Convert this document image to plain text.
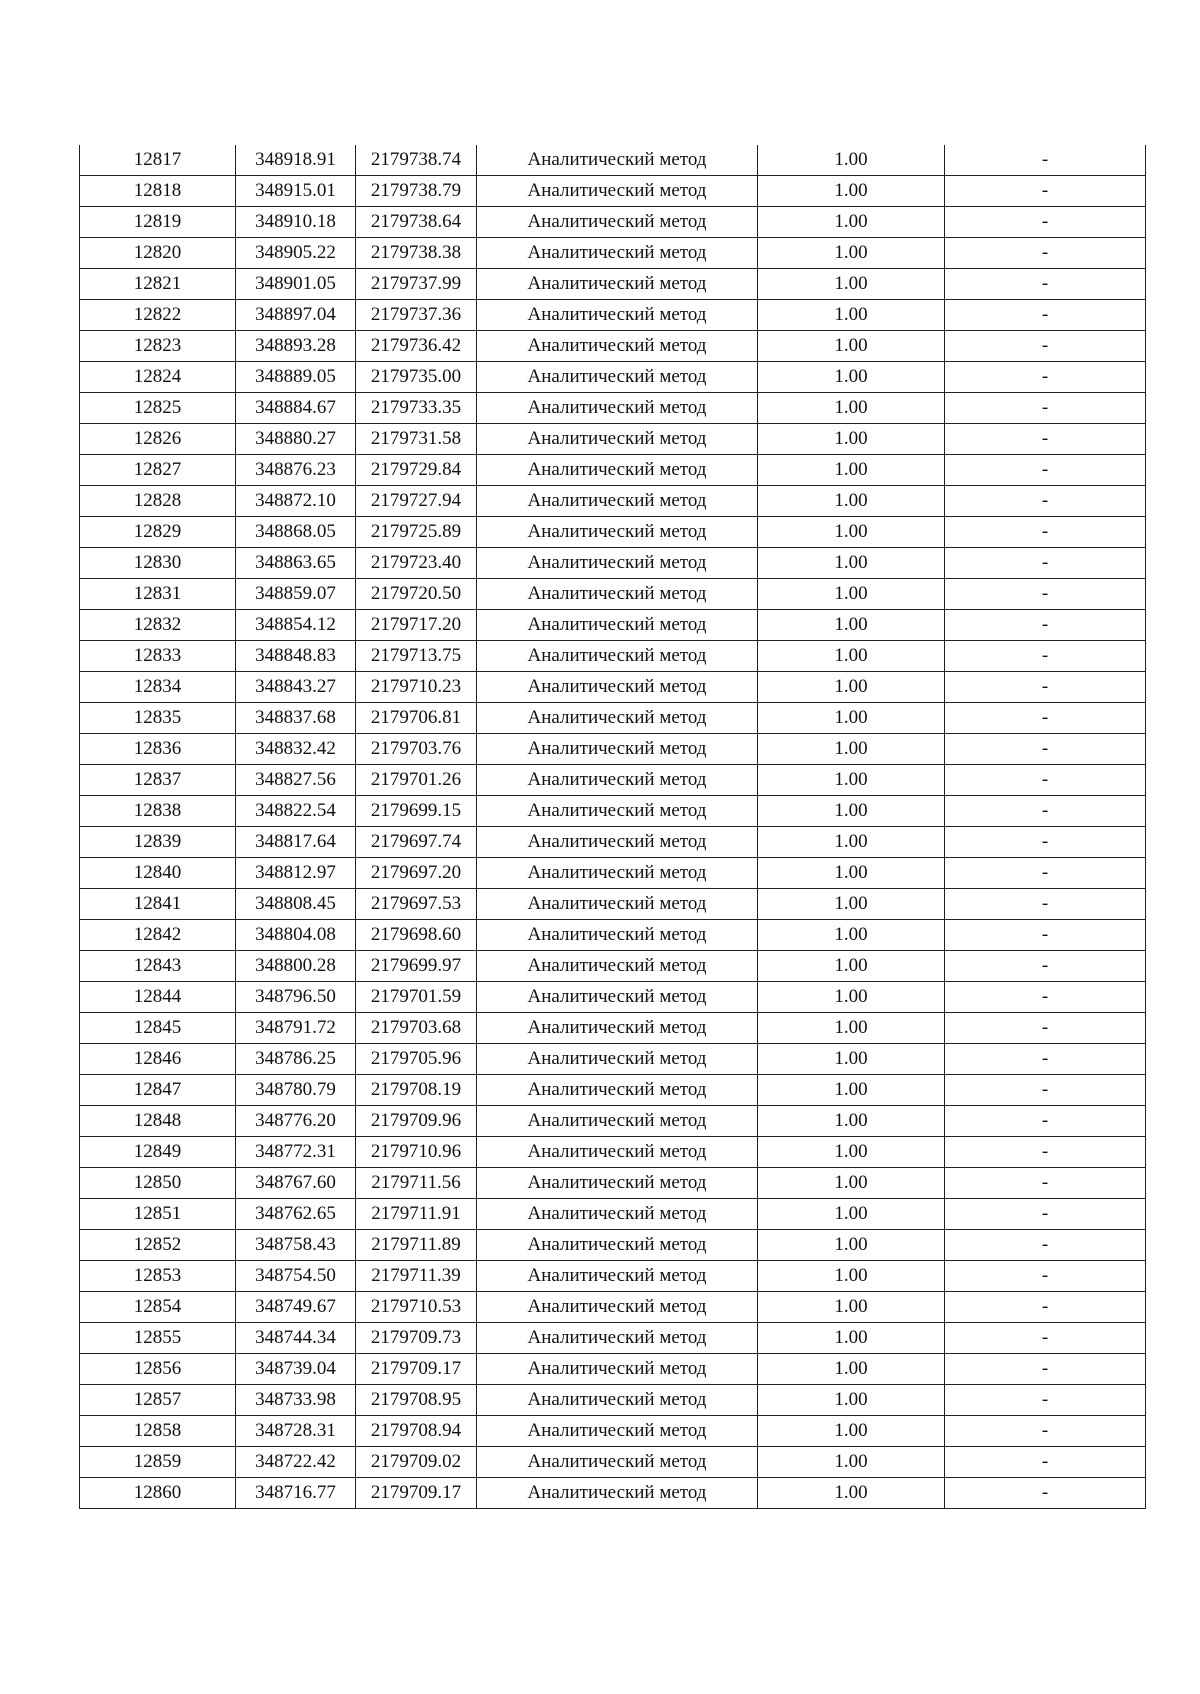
12817	348918.91	2179738.74	Аналитический метод	1.00	-
12818	348915.01	2179738.79	Аналитический метод	1.00	-
12819	348910.18	2179738.64	Аналитический метод	1.00	-
12820	348905.22	2179738.38	Аналитический метод	1.00	-
12821	348901.05	2179737.99	Аналитический метод	1.00	-
12822	348897.04	2179737.36	Аналитический метод	1.00	-
12823	348893.28	2179736.42	Аналитический метод	1.00	-
12824	348889.05	2179735.00	Аналитический метод	1.00	-
12825	348884.67	2179733.35	Аналитический метод	1.00	-
12826	348880.27	2179731.58	Аналитический метод	1.00	-
12827	348876.23	2179729.84	Аналитический метод	1.00	-
12828	348872.10	2179727.94	Аналитический метод	1.00	-
12829	348868.05	2179725.89	Аналитический метод	1.00	-
12830	348863.65	2179723.40	Аналитический метод	1.00	-
12831	348859.07	2179720.50	Аналитический метод	1.00	-
12832	348854.12	2179717.20	Аналитический метод	1.00	-
12833	348848.83	2179713.75	Аналитический метод	1.00	-
12834	348843.27	2179710.23	Аналитический метод	1.00	-
12835	348837.68	2179706.81	Аналитический метод	1.00	-
12836	348832.42	2179703.76	Аналитический метод	1.00	-
12837	348827.56	2179701.26	Аналитический метод	1.00	-
12838	348822.54	2179699.15	Аналитический метод	1.00	-
12839	348817.64	2179697.74	Аналитический метод	1.00	-
12840	348812.97	2179697.20	Аналитический метод	1.00	-
12841	348808.45	2179697.53	Аналитический метод	1.00	-
12842	348804.08	2179698.60	Аналитический метод	1.00	-
12843	348800.28	2179699.97	Аналитический метод	1.00	-
12844	348796.50	2179701.59	Аналитический метод	1.00	-
12845	348791.72	2179703.68	Аналитический метод	1.00	-
12846	348786.25	2179705.96	Аналитический метод	1.00	-
12847	348780.79	2179708.19	Аналитический метод	1.00	-
12848	348776.20	2179709.96	Аналитический метод	1.00	-
12849	348772.31	2179710.96	Аналитический метод	1.00	-
12850	348767.60	2179711.56	Аналитический метод	1.00	-
12851	348762.65	2179711.91	Аналитический метод	1.00	-
12852	348758.43	2179711.89	Аналитический метод	1.00	-
12853	348754.50	2179711.39	Аналитический метод	1.00	-
12854	348749.67	2179710.53	Аналитический метод	1.00	-
12855	348744.34	2179709.73	Аналитический метод	1.00	-
12856	348739.04	2179709.17	Аналитический метод	1.00	-
12857	348733.98	2179708.95	Аналитический метод	1.00	-
12858	348728.31	2179708.94	Аналитический метод	1.00	-
12859	348722.42	2179709.02	Аналитический метод	1.00	-
12860	348716.77	2179709.17	Аналитический метод	1.00	-
